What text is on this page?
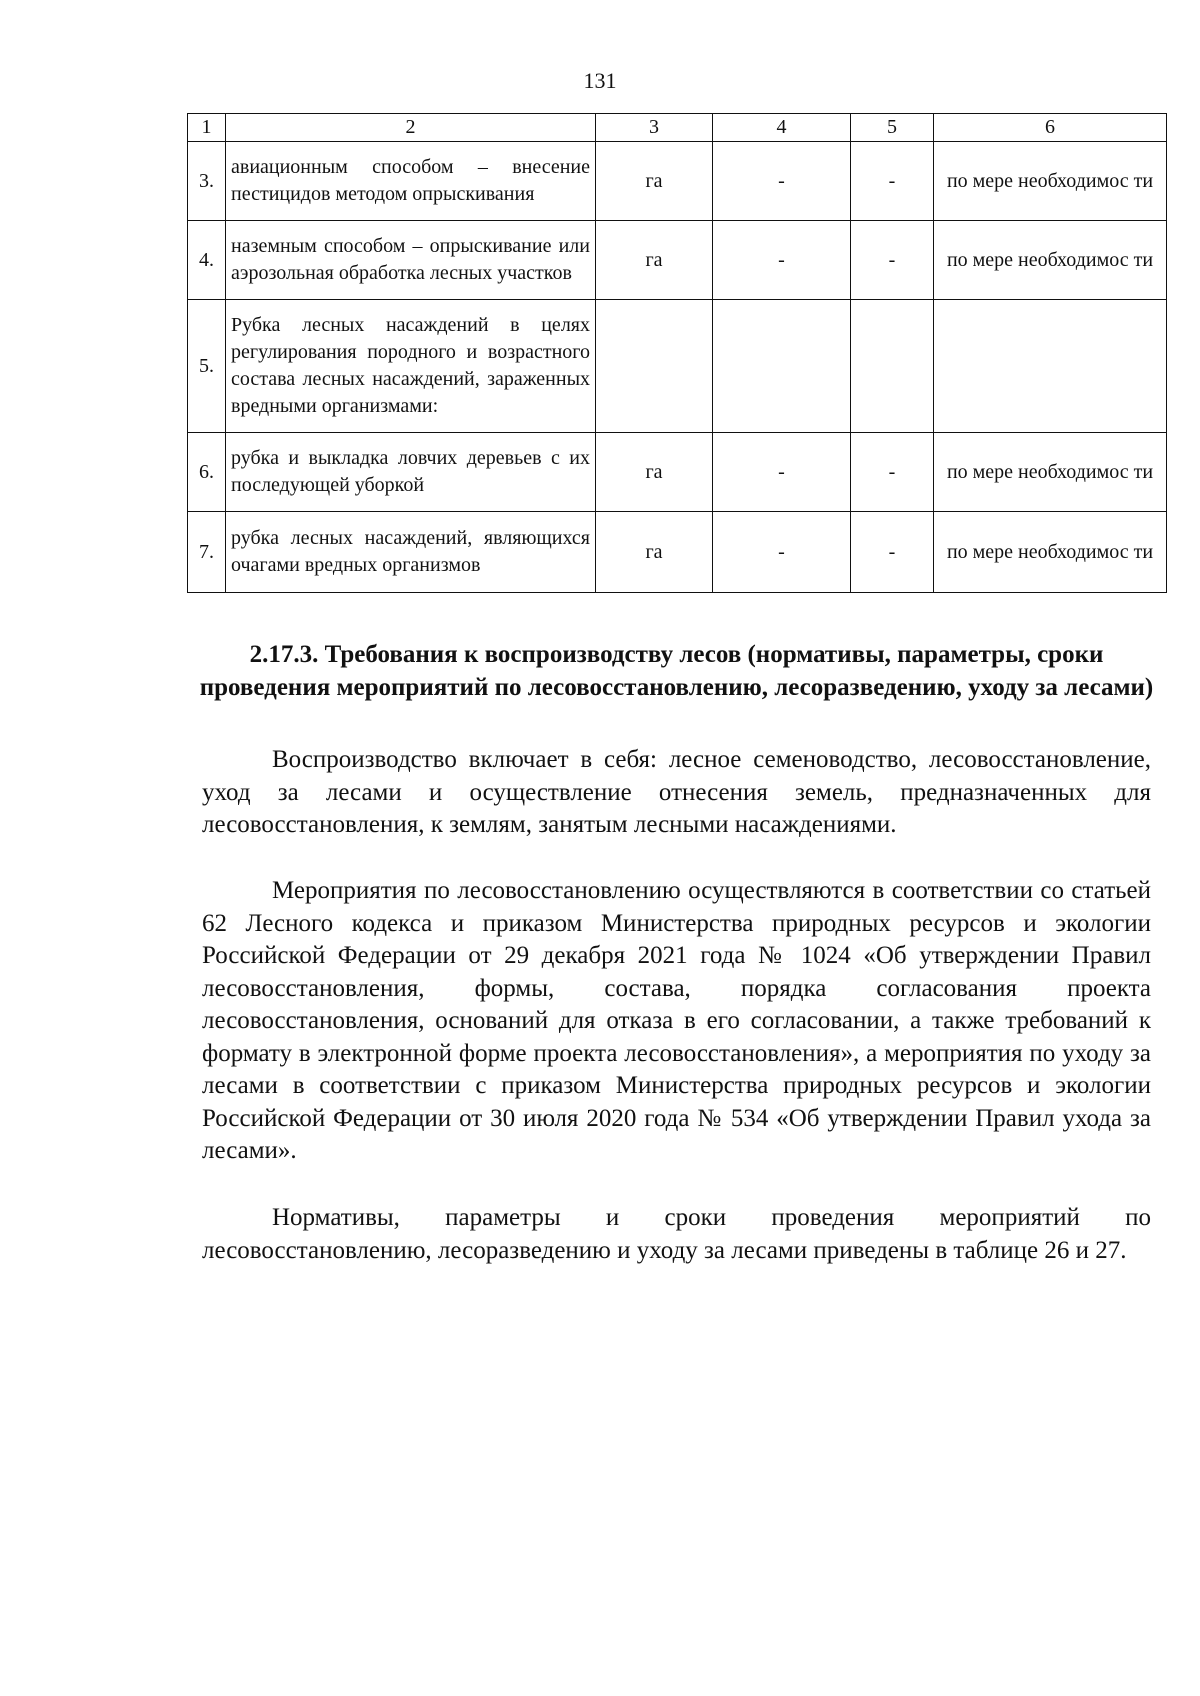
131
1	2	3	4	5	6
3.	авиационным способом – внесение пестицидов методом опрыскивания	га	-	-	по мере необходимос ти
4.	наземным способом – опрыскивание или аэрозольная обработка лесных участков	га	-	-	по мере необходимос ти
5.	Рубка лесных насаждений в целях регулирования породного и возрастного состава лесных насаждений, зараженных вредными организмами:				
6.	рубка и выкладка ловчих деревьев с их последующей уборкой	га	-	-	по мере необходимос ти
7.	рубка лесных насаждений, являющихся очагами вредных организмов	га	-	-	по мере необходимос ти
2.17.3. Требования к воспроизводству лесов (нормативы, параметры, сроки проведения мероприятий по лесовосстановлению, лесоразведению, уходу за лесами)

Воспроизводство включает в себя: лесное семеноводство, лесовосстановление, уход за лесами и осуществление отнесения земель, предназначенных для лесовосстановления, к землям, занятым лесными насаждениями.

Мероприятия по лесовосстановлению осуществляются в соответствии со статьей 62 Лесного кодекса и приказом Министерства природных ресурсов и экологии Российской Федерации от 29 декабря 2021 года № 1024 «Об утверждении Правил лесовосстановления, формы, состава, порядка согласования проекта лесовосстановления, оснований для отказа в его согласовании, а также требований к формату в электронной форме проекта лесовосстановления», а мероприятия по уходу за лесами в соответствии с приказом Министерства природных ресурсов и экологии Российской Федерации от 30 июля 2020 года № 534 «Об утверждении Правил ухода за лесами».

Нормативы, параметры и сроки проведения мероприятий по лесовосстановлению, лесоразведению и уходу за лесами приведены в таблице 26 и 27.
